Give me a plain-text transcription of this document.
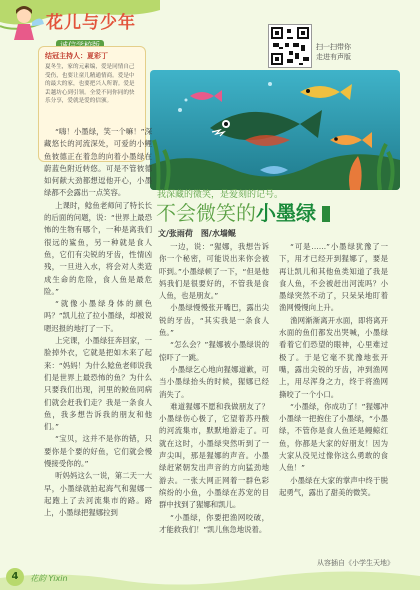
花儿与少年

结冠主持人：夏彩丁
夏冬生，家的元素编，爱是同情自己受伤，也要让童儿精通情商。爱是中的最大的家，也要把兴人所谓。爱是丢越坊心到引领。全爱不同你同的快乐分享，爱就是爱的信颁。
扫一扫带你
走进有声版
我深藏的微笑，是爱刻的记号。
不会微笑的小墨绿
文/张雨荷　图/水墙鲲

“嗨！小墨绿，笑一个嘛！”深藏悠长的河流深处，可爱的小鲤鱼彼德正在着急的向着小墨绿在蔚蓝色附近转悠。可是不管彼德如何献大劲都想逗他开心，小墨绿都不会露出一点笑容。

上课时，鲶鱼老师问了特长长的后面的问题，说：“世界上最恐怖的生物有哪个，一种是离我们很远的鲨鱼，另一种就是食人鱼，它们有尖锐的牙齿，性情凶残，一旦进入水，将会对人类造成生命的危险，食人鱼是最危险。”

“就像小墨绿身体的颜色吗？”凯儿拉了拉小墨绿，却被说嗯迟报的地打了一下。

上完课，小墨绿狂奔回家，一脸掉外衣，它就是把如木来了起来：“妈妈！为什么鲶鱼老师说我们是世界上最恐怖的鱼？为什么只要我们出现，河里的鲛鱼同病们就会赶我们走？我是一条食人鱼，我多想告诉我的朋友和他们。”

“宝贝，这并不是你的错，只要你是个要的好鱼，它们就会慢慢接受你的。”

听妈妈这么一说，第二天一大早，小墨绿就拍起海气和猩娜一起跑上了去河流集市的路。路上，小墨绿把猩娜拉到

一边，说：“猩娜，我想告诉你一个秘密，可能说出来你会被吓到。”小墨绿顿了一下，“但是他妈我们是很要好的，不管我是食人鱼，也是朋友。”

小墨绿慢慢张开嘴巴，露出尖锐的牙齿，“其实我是一条食人鱼。”

“怎么会？”猩娜被小墨绿说的惊吓了一跳。

小墨绿乞心地向猩娜道歉，可当小墨绿抬头的时候，猩娜已经消失了。

难道猩娜不愿和我做朋友了？小墨绿伤心极了，它望着苏丹酸的河流集市，默默地游走了。可就在这时，小墨绿突然听到了一声尖叫，那是猩娜的声音。小墨绿赶紧朝发出声音的方向猛劲地游去。一张大网正网着一群色彩缤纷的小鱼，小墨绿在苏宠的目群中找到了猩娜和凯儿。

“小墨绿，你要把渔网咬破，才能救我们！”凯儿焦急地说着。

“可是……”小墨绿犹豫了一下，用才已经开到猩娜了，要是再让凯儿和其他鱼类知道了我是食人鱼，不会被赶出河流吗？小墨绿突然不动了，只呆呆地盯着渔网慢慢向上升。

渔网渐渐离开水面，即将离开水面的鱼们都发出哭喊，小墨绿看着它们恐望的眼神，心里难过极了。于是它毫不犹豫地张开嘴，露出尖锐的牙齿，冲到渔网上，用尽浑身之力，终于将渔网撕咬了一个小口。

“小墨绿，你成功了！”猩娜冲小墨绿一把抱住了小墨绿，“小墨绿，不管你是食人鱼还是鳗鲸红鱼，你都是大家的好朋友！因为大家从没见过像你这么勇敢的食人鱼！”

小墨绿在大家的掌声中终于脱起勇气，露出了甜美的微笑。

从容插自《小学生天地》
4	花韵 Yixin
